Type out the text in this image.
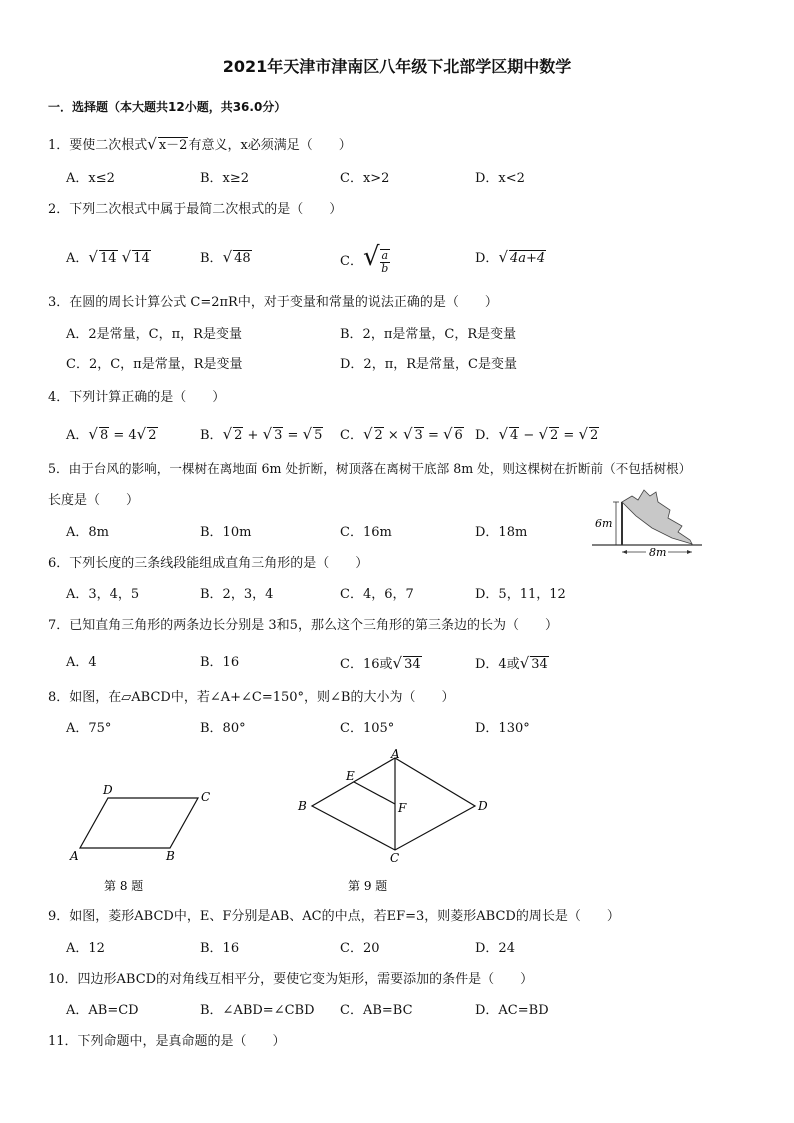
2021年天津市津南区八年级下北部学区期中数学
一．选择题（本大题共12小题，共36.0分）
1．要使二次根式√ x－2有意义，x必须满足（　　）
A．x≤2	B．x≥2	C．x>2	D．x<2
2．下列二次根式中属于最简二次根式的是（　　）
A．√ 14 √ 14	B．√ 48	C．√ $\frac{a}{b}$	D．√ 4a+4
3．在圆的周长计算公式 C=2πR中，对于变量和常量的说法正确的是（　　）
A．2是常量，C，π，R是变量	B．2，π是常量，C，R是变量
C．2，C，π是常量，R是变量	D．2，π，R是常量，C是变量
4．下列计算正确的是（　　）
A．√ 8 = 4√ 2	B．√ 2 + √ 3 = √ 5 C．√ 2 × √ 3 = √ 6 D．√ 4 − √ 2 = √ 2
5．由于台风的影响，一棵树在离地面 6m 处折断，树顶落在离树干底部 8m 处，则这棵树在折断前（不包括树根）
长度是（　　）
A．8m	B．10m	C．16m	D．18m
6m
8m
6．下列长度的三条线段能组成直角三角形的是（　　）
A．3，4，5	B．2，3，4	C．4，6，7	D．5，11，12
7．已知直角三角形的两条边长分别是 3和5，那么这个三角形的第三条边的长为（　　）
A．4	B．16	C．16或√ 34	D．4或√ 34
8．如图，在▱ABCD中，若∠A+∠C=150°，则∠B的大小为（　　）
A．75°	B．80°	C．105°	D．130°
A	B
C
D
第 8 题
A
B
C
D
E
F
第 9 题
9．如图，菱形ABCD中，E、F分别是AB、AC的中点，若EF=3，则菱形ABCD的周长是（　　）
A．12	B．16	C．20	D．24
10．四边形ABCD的对角线互相平分，要使它变为矩形，需要添加的条件是（　　）
A．AB=CD	B．∠ABD=∠CBD C．AB=BC	D．AC=BD
11．下列命题中，是真命题的是（　　）
